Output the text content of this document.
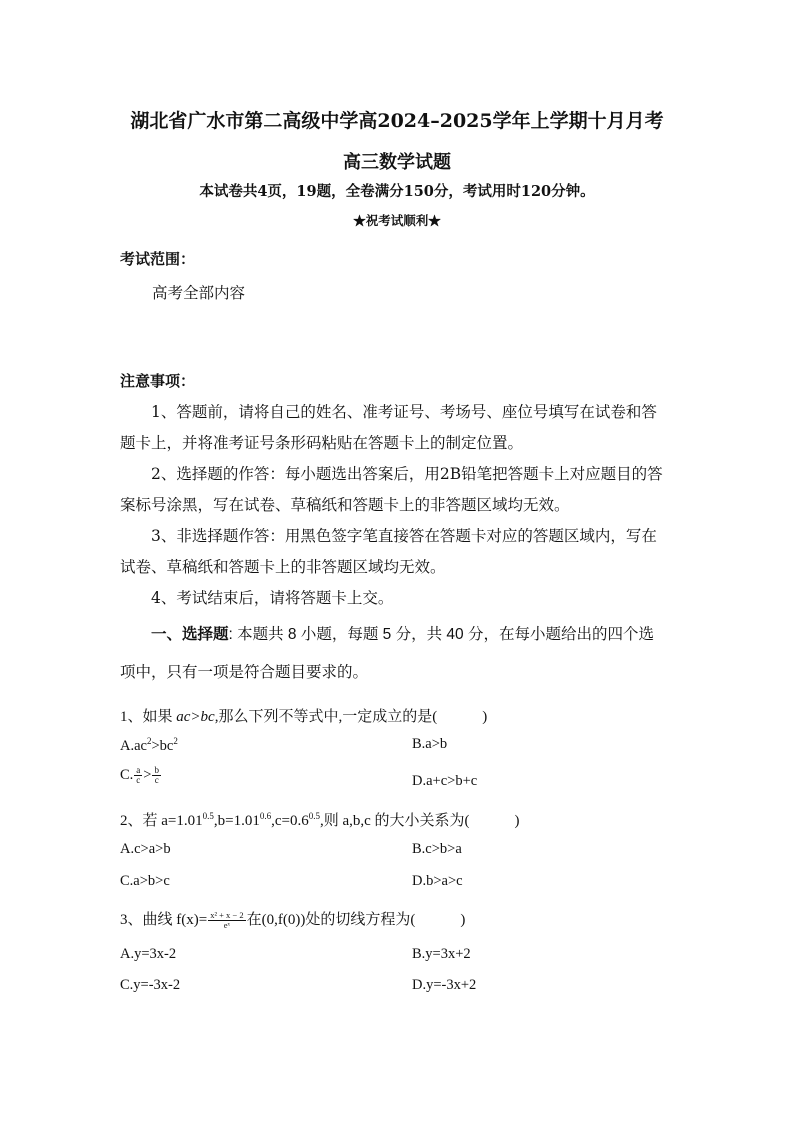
湖北省广水市第二高级中学高2024–2025学年上学期十月月考
高三数学试题
本试卷共4页，19题，全卷满分150分，考试用时120分钟。
★祝考试顺利★
考试范围：
高考全部内容
注意事项：
1、答题前，请将自己的姓名、准考证号、考场号、座位号填写在试卷和答
题卡上，并将准考证号条形码粘贴在答题卡上的制定位置。
2、选择题的作答：每小题选出答案后，用2B铅笔把答题卡上对应题目的答
案标号涂黑，写在试卷、草稿纸和答题卡上的非答题区域均无效。
3、非选择题作答：用黑色签字笔直接答在答题卡对应的答题区域内，写在
试卷、草稿纸和答题卡上的非答题区域均无效。
4、考试结束后，请将答题卡上交。
一、选择题: 本题共 8 小题，每题 5 分，共 40 分，在每小题给出的四个选
项中，只有一项是符合题目要求的。
1、如果 ac>bc,那么下列不等式中,一定成立的是(　　　)
$A.ac^2>bc^2$	B.a>b
C. $\frac{a}{c} > \frac{b}{c}$	D.a+c>b+c
2、若 $a=1.01^{0.5},b=1.01^{0.6},c=0.6^{0.5}$,则 a,b,c 的大小关系为(　　　)
A.c>a>b	B.c>b>a
C.a>b>c	D.b>a>c
3、曲线 $f(x)= \frac{\text{x² + x − 2}}{\text{eˣ}}$ 在(0,f(0))处的切线方程为(　　　)
A.y=3x-2	B.y=3x+2
C.y=-3x-2	D.y=-3x+2
